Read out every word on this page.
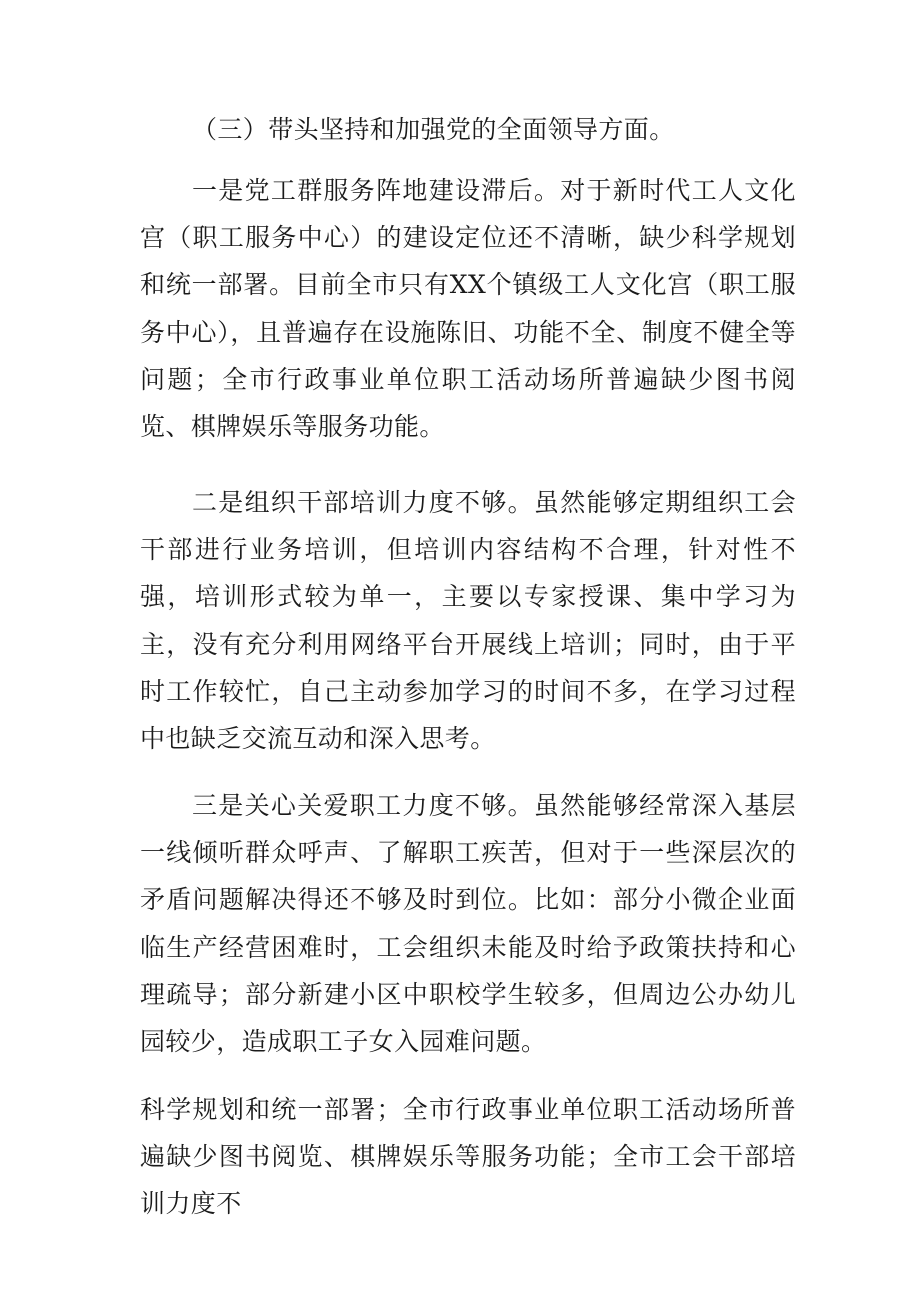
（三）带头坚持和加强党的全面领导方面。

一是党工群服务阵地建设滞后。对于新时代工人文化宫（职工服务中心）的建设定位还不清晰，缺少科学规划和统一部署。目前全市只有XX个镇级工人文化宫（职工服务中心），且普遍存在设施陈旧、功能不全、制度不健全等问题；全市行政事业单位职工活动场所普遍缺少图书阅览、棋牌娱乐等服务功能。

二是组织干部培训力度不够。虽然能够定期组织工会干部进行业务培训，但培训内容结构不合理，针对性不强，培训形式较为单一，主要以专家授课、集中学习为主，没有充分利用网络平台开展线上培训；同时，由于平时工作较忙，自己主动参加学习的时间不多，在学习过程中也缺乏交流互动和深入思考。

三是关心关爱职工力度不够。虽然能够经常深入基层一线倾听群众呼声、了解职工疾苦，但对于一些深层次的矛盾问题解决得还不够及时到位。比如：部分小微企业面临生产经营困难时，工会组织未能及时给予政策扶持和心理疏导；部分新建小区中职校学生较多，但周边公办幼儿园较少，造成职工子女入园难问题。

科学规划和统一部署；全市行政事业单位职工活动场所普遍缺少图书阅览、棋牌娱乐等服务功能；全市工会干部培训力度不
